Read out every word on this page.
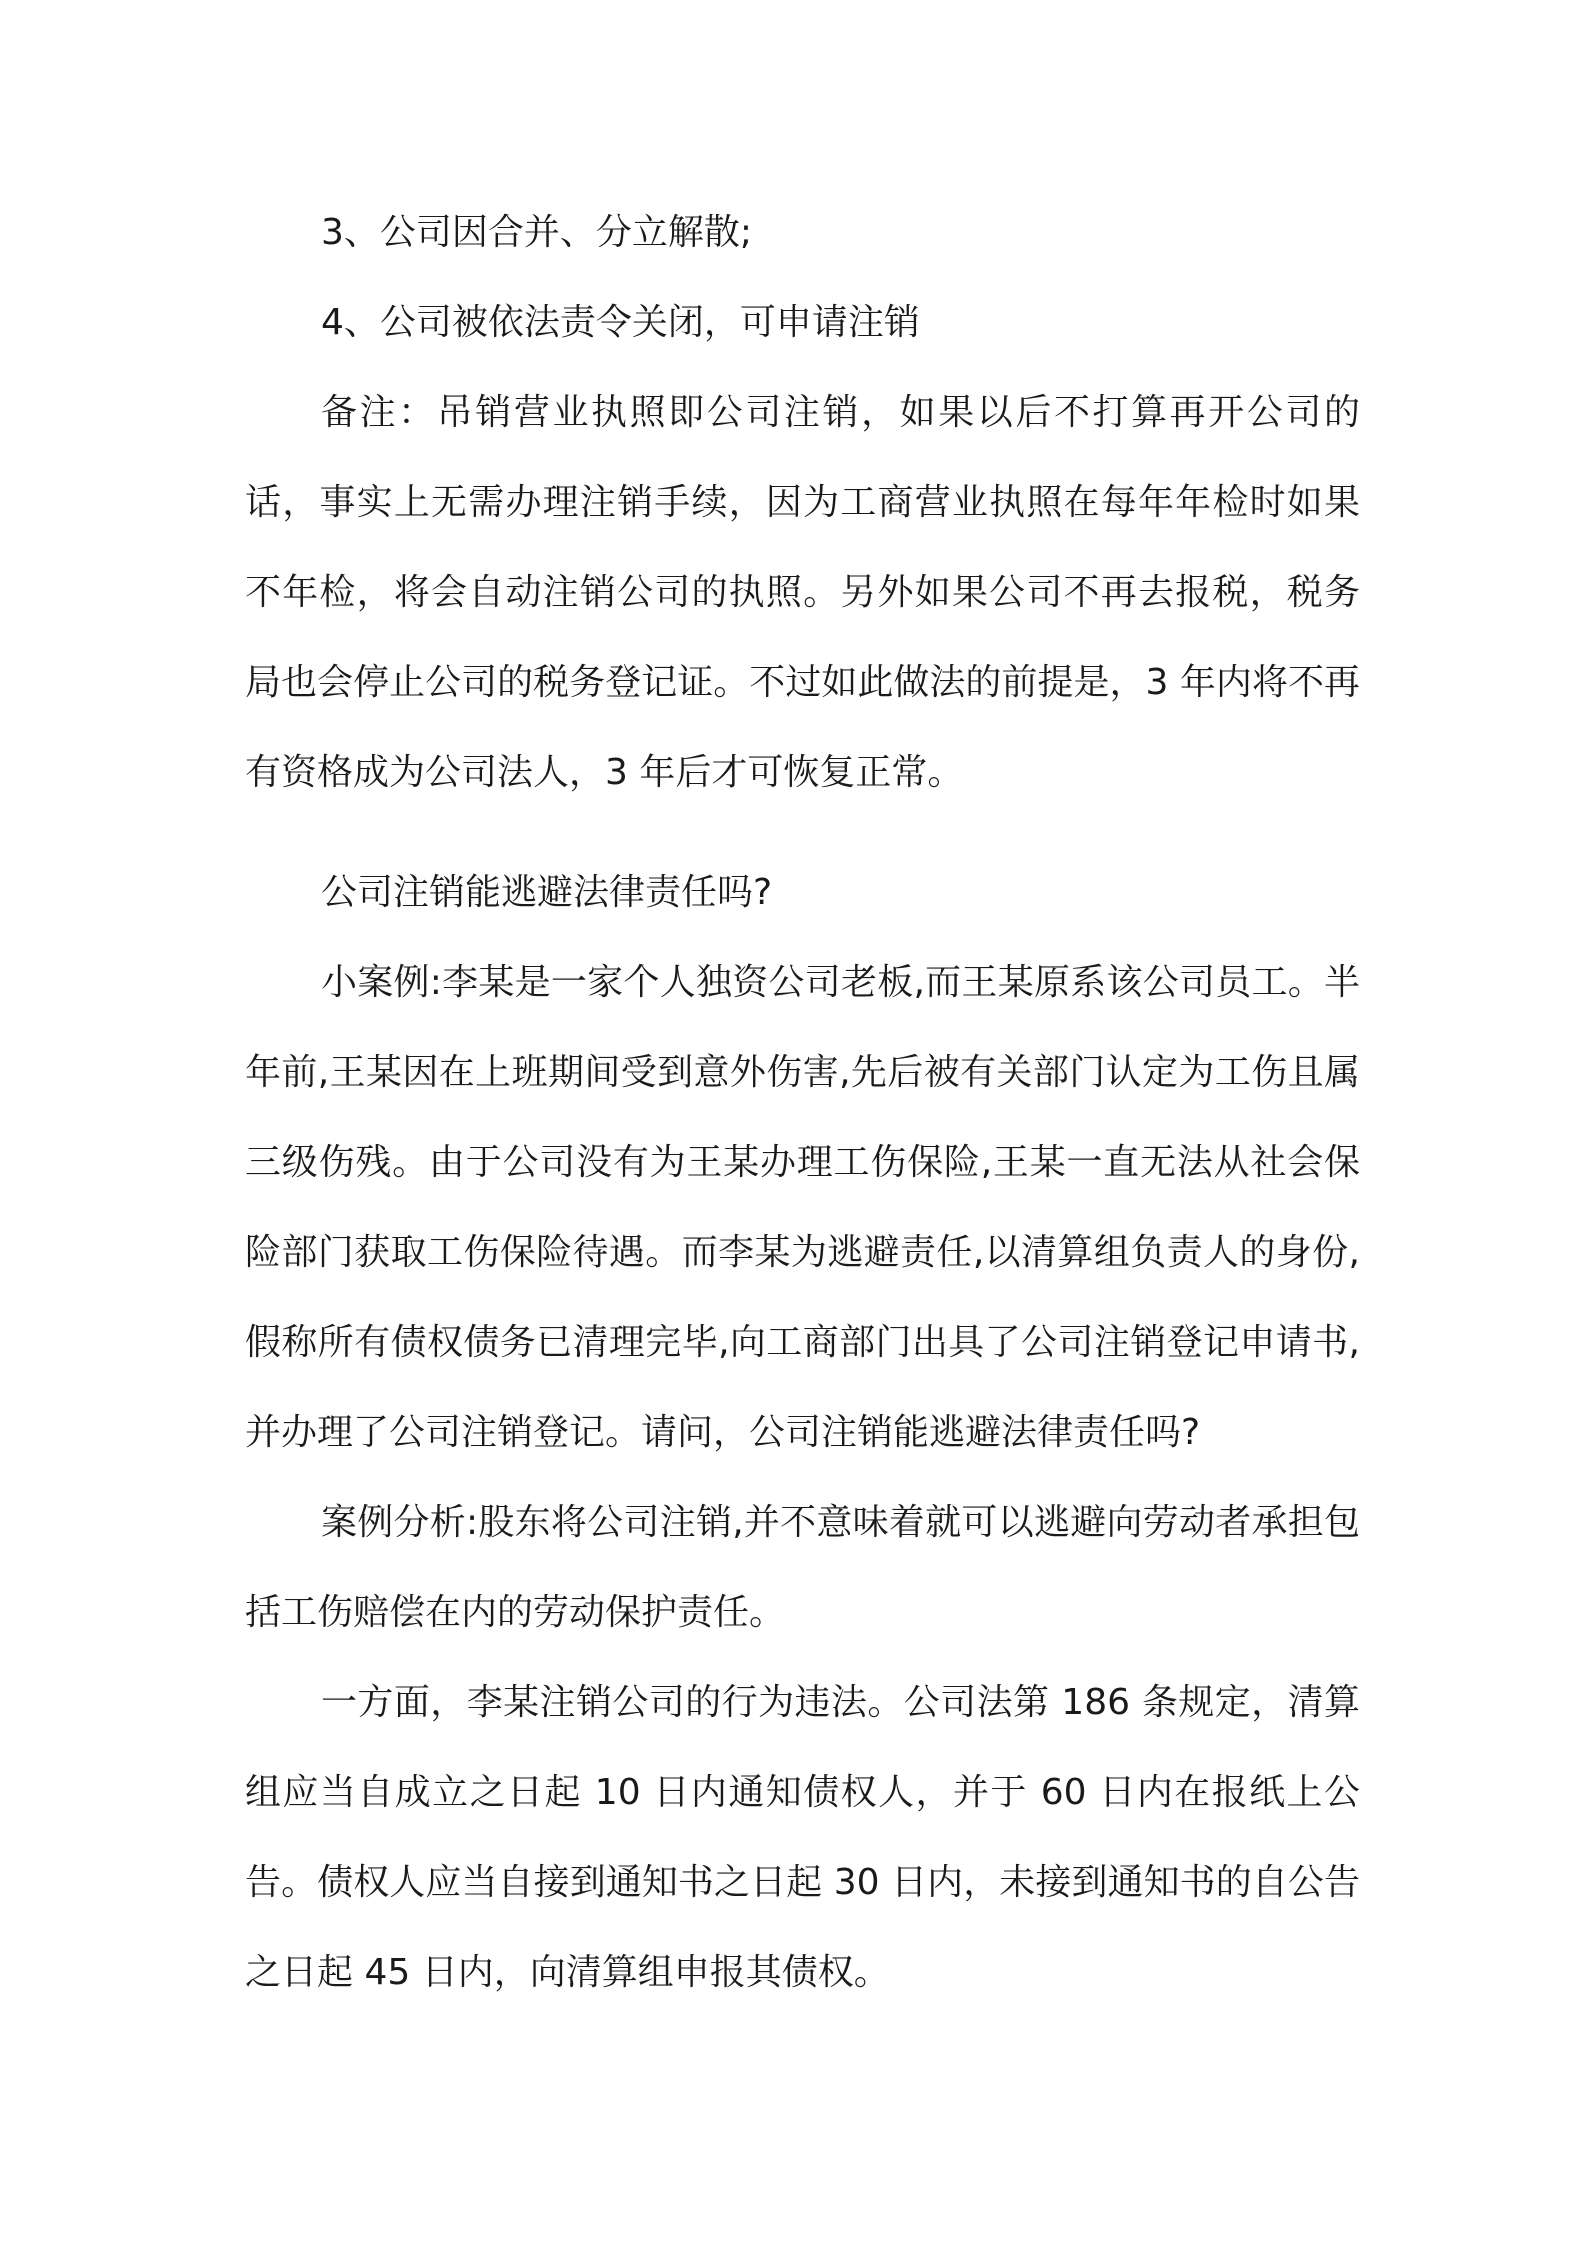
3、公司因合并、分立解散;

4、公司被依法责令关闭，可申请注销

备注：吊销营业执照即公司注销，如果以后不打算再开公司的话，事实上无需办理注销手续，因为工商营业执照在每年年检时如果不年检，将会自动注销公司的执照。另外如果公司不再去报税，税务局也会停止公司的税务登记证。不过如此做法的前提是，3 年内将不再有资格成为公司法人，3 年后才可恢复正常。

公司注销能逃避法律责任吗?

小案例:李某是一家个人独资公司老板,而王某原系该公司员工。半年前,王某因在上班期间受到意外伤害,先后被有关部门认定为工伤且属三级伤残。由于公司没有为王某办理工伤保险,王某一直无法从社会保险部门获取工伤保险待遇。而李某为逃避责任,以清算组负责人的身份,假称所有债权债务已清理完毕,向工商部门出具了公司注销登记申请书,并办理了公司注销登记。请问，公司注销能逃避法律责任吗?

案例分析:股东将公司注销,并不意味着就可以逃避向劳动者承担包括工伤赔偿在内的劳动保护责任。

一方面，李某注销公司的行为违法。公司法第 186 条规定，清算组应当自成立之日起 10 日内通知债权人，并于 60 日内在报纸上公告。债权人应当自接到通知书之日起 30 日内，未接到通知书的自公告之日起 45 日内，向清算组申报其债权。
